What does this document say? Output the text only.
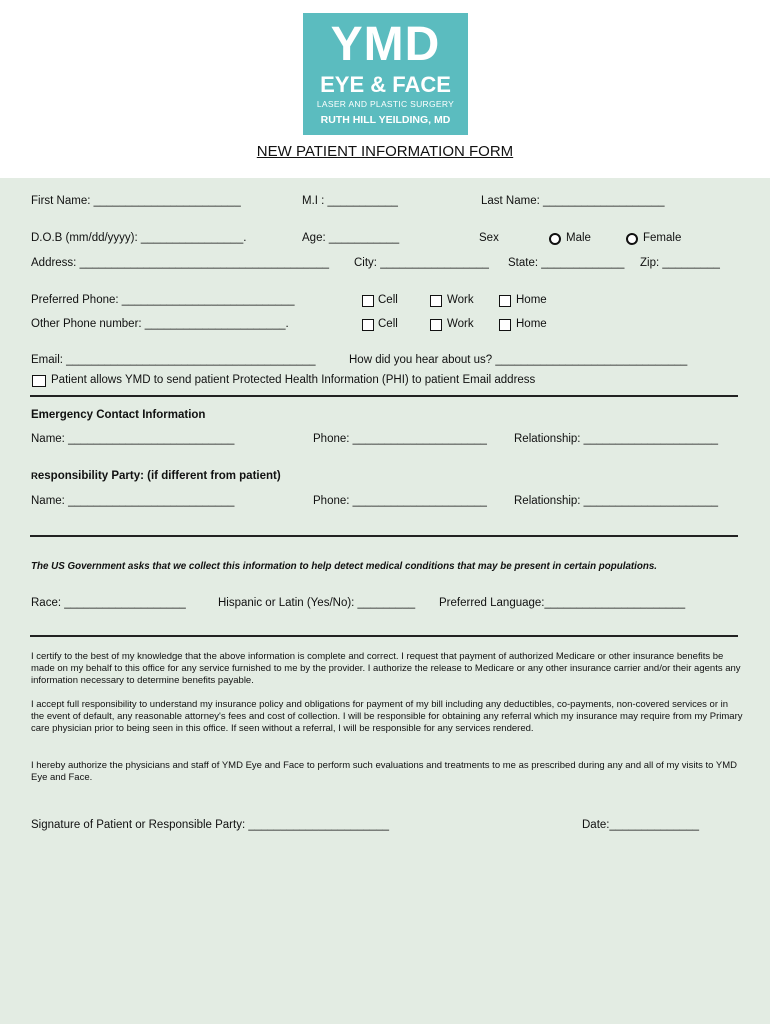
YMD
EYE & FACE
LASER AND PLASTIC SURGERY
RUTH HILL YEILDING, MD
NEW PATIENT INFORMATION FORM
First Name: _______________________	M.I : ___________	Last Name: ___________________
D.O.B (mm/dd/yyyy): ________________.	Age: ___________	Sex	Male	Female
Address: _______________________________________ City: _________________ State: _____________ Zip: _________
Preferred Phone: ___________________________	Cell	Work	Home
Other Phone number: ______________________.	Cell	Work	Home
Email: _______________________________________	How did you hear about us? ______________________________
Patient allows YMD to send patient Protected Health Information (PHI) to patient Email address
Emergency Contact Information
Name: __________________________	Phone: _____________________ Relationship: _____________________
Responsibility Party: (if different from patient)
Name: __________________________	Phone: _____________________ Relationship: _____________________
The US Government asks that we collect this information to help detect medical conditions that may be present in certain populations.
Race: ___________________	Hispanic or Latin (Yes/No): _________ Preferred Language:______________________
I certify to the best of my knowledge that the above information is complete and correct. I request that payment of authorized Medicare or other insurance benefits be made on my behalf to this office for any service furnished to me by the provider. I authorize the release to Medicare or any other insurance carrier and/or their agents any information necessary to determine benefits payable.
I accept full responsibility to understand my insurance policy and obligations for payment of my bill including any deductibles, co-payments, non-covered services or in the event of default, any reasonable attorney's fees and cost of collection. I will be responsible for obtaining any referral which my insurance may require from my Primary care physician prior to being seen in this office. If seen without a referral, I will be responsible for any services rendered.
I hereby authorize the physicians and staff of YMD Eye and Face to perform such evaluations and treatments to me as prescribed during any and all of my visits to YMD Eye and Face.
Signature of Patient or Responsible Party: ______________________	Date:______________
